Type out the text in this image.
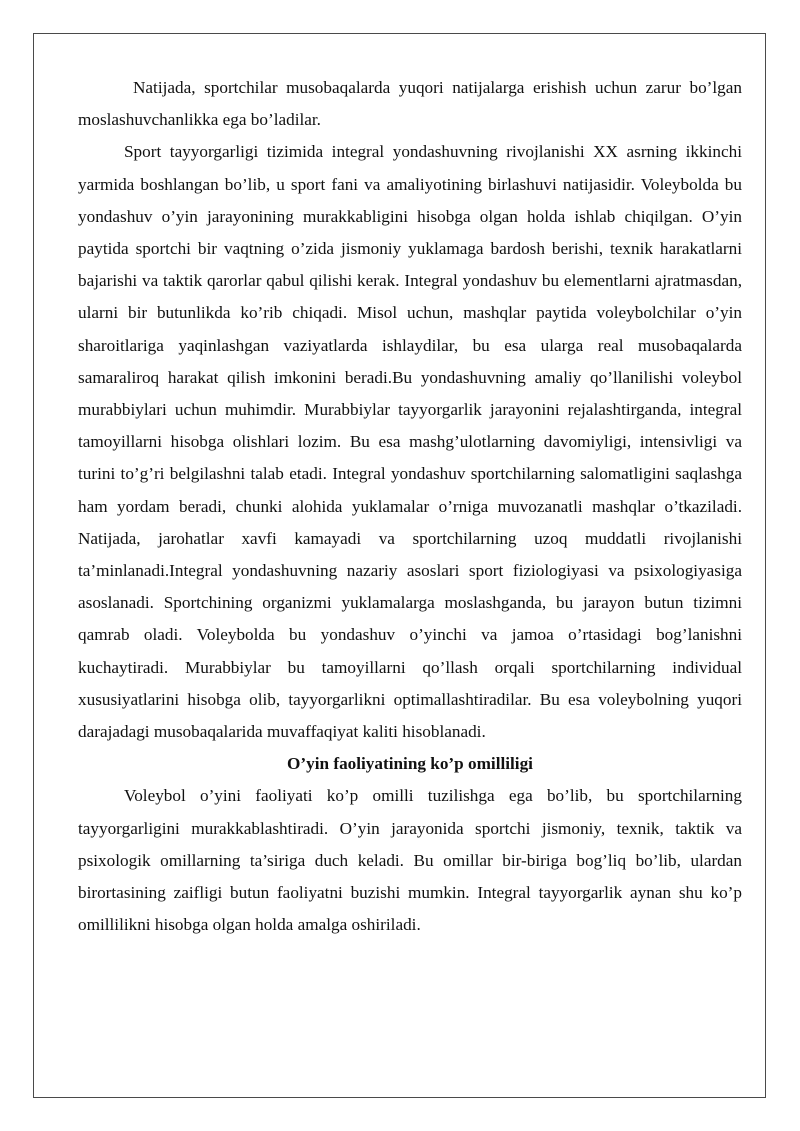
Natijada, sportchilar musobaqalarda yuqori natijalarga erishish uchun zarur bo’lgan moslashuvchanlikka ega bo’ladilar.

Sport tayyorgarligi tizimida integral yondashuvning rivojlanishi XX asrning ikkinchi yarmida boshlangan bo’lib, u sport fani va amaliyotining birlashuvi natijasidir. Voleybolda bu yondashuv o’yin jarayonining murakkabligini hisobga olgan holda ishlab chiqilgan. O’yin paytida sportchi bir vaqtning o’zida jismoniy yuklamaga bardosh berishi, texnik harakatlarni bajarishi va taktik qarorlar qabul qilishi kerak. Integral yondashuv bu elementlarni ajratmasdan, ularni bir butunlikda ko’rib chiqadi. Misol uchun, mashqlar paytida voleybolchilar o’yin sharoitlariga yaqinlashgan vaziyatlarda ishlaydilar, bu esa ularga real musobaqalarda samaraliroq harakat qilish imkonini beradi.Bu yondashuvning amaliy qo’llanilishi voleybol murabbiylari uchun muhimdir. Murabbiylar tayyorgarlik jarayonini rejalashtirganda, integral tamoyillarni hisobga olishlari lozim. Bu esa mashg’ulotlarning davomiyligi, intensivligi va turini to’g’ri belgilashni talab etadi. Integral yondashuv sportchilarning salomatligini saqlashga ham yordam beradi, chunki alohida yuklamalar o’rniga muvozanatli mashqlar o’tkaziladi. Natijada, jarohatlar xavfi kamayadi va sportchilarning uzoq muddatli rivojlanishi ta’minlanadi.Integral yondashuvning nazariy asoslari sport fiziologiyasi va psixologiyasiga asoslanadi. Sportchining organizmi yuklamalarga moslashganda, bu jarayon butun tizimni qamrab oladi. Voleybolda bu yondashuv o’yinchi va jamoa o’rtasidagi bog’lanishni kuchaytiradi. Murabbiylar bu tamoyillarni qo’llash orqali sportchilarning individual xususiyatlarini hisobga olib, tayyorgarlikni optimallashtiradilar. Bu esa voleybolning yuqori darajadagi musobaqalarida muvaffaqiyat kaliti hisoblanadi.

O’yin faoliyatining ko’p omilliligi

Voleybol o’yini faoliyati ko’p omilli tuzilishga ega bo’lib, bu sportchilarning tayyorgarligini murakkablashtiradi. O’yin jarayonida sportchi jismoniy, texnik, taktik va psixologik omillarning ta’siriga duch keladi. Bu omillar bir-biriga bog’liq bo’lib, ulardan birortasining zaifligi butun faoliyatni buzishi mumkin. Integral tayyorgarlik aynan shu ko’p omillilikni hisobga olgan holda amalga oshiriladi.
